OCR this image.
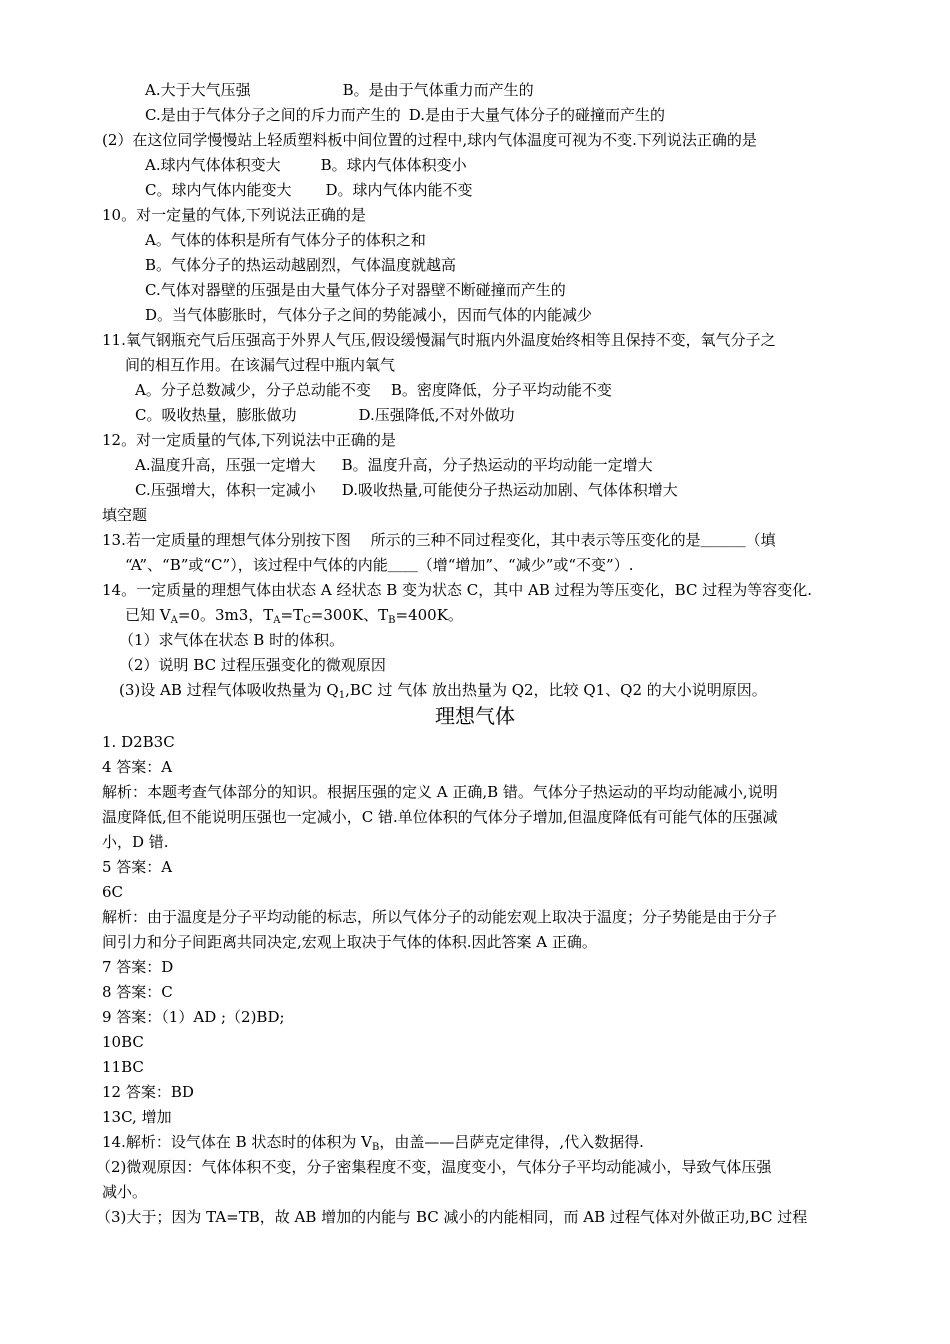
A.大于大气压强	B。是由于气体重力而产生的
C.是由于气体分子之间的斥力而产生的 D.是由于大量气体分子的碰撞而产生的
(2）在这位同学慢慢站上轻质塑料板中间位置的过程中,球内气体温度可视为不变.下列说法正确的是
A.球内气体体积变大	B。球内气体体积变小
C。球内气体内能变大 D。球内气体内能不变
10。对一定量的气体,下列说法正确的是
A。气体的体积是所有气体分子的体积之和
B。气体分子的热运动越剧烈，气体温度就越高
C.气体对器壁的压强是由大量气体分子对器壁不断碰撞而产生的
D。当气体膨胀时，气体分子之间的势能减小，因而气体的内能减少
11.氧气钢瓶充气后压强高于外界人气压,假设缓慢漏气时瓶内外温度始终相等且保持不变，氧气分子之
间的相互作用。在该漏气过程中瓶内氧气
A。分子总数减少，分子总动能不变 B。密度降低，分子平均动能不变
C。吸收热量，膨胀做功	D.压强降低,不对外做功
12。对一定质量的气体,下列说法中正确的是
A.温度升高，压强一定增大 B。温度升高，分子热运动的平均动能一定增大
C.压强增大，体积一定减小 D.吸收热量,可能使分子热运动加剧、气体体积增大
填空题
13.若一定质量的理想气体分别按下图　 所示的三种不同过程变化，其中表示等压变化的是＿＿＿（填
“A”、“B”或“C”），该过程中气体的内能＿＿（增“增加”、“减少”或“不变”）.
14。一定质量的理想气体由状态 A 经状态 B 变为状态 C，其中 AB 过程为等压变化，BC 过程为等容变化.
已知 $V_A=0$。3m3，$T_A=T_C=300K$、$T_B=400K$。
（1）求气体在状态 B 时的体积。
（2）说明 BC 过程压强变化的微观原因
(3)设 AB 过程气体吸收热量为 $Q_1,BC$ 过 气体 放出热量为 Q2，比较 Q1、Q2 的大小说明原因。
理想气体
1. D2B3C
4 答案：A
解析：本题考查气体部分的知识。根据压强的定义 A 正确,B 错。气体分子热运动的平均动能减小,说明
温度降低,但不能说明压强也一定减小，C 错.单位体积的气体分子增加,但温度降低有可能气体的压强减
小，D 错.
5 答案：A
6C
解析：由于温度是分子平均动能的标志，所以气体分子的动能宏观上取决于温度；分子势能是由于分子
间引力和分子间距离共同决定,宏观上取决于气体的体积.因此答案 A 正确。
7 答案：D
8 答案：C
9 答案：（1）AD ;（2)BD;
10BC
11BC
12 答案：BD
13C, 增加
14.解析：设气体在 B 状态时的体积为 $V_B$，由盖——吕萨克定律得，,代入数据得.
（2)微观原因：气体体积不变，分子密集程度不变，温度变小，气体分子平均动能减小，导致气体压强
减小。
（3)大于；因为 TA=TB，故 AB 增加的内能与 BC 减小的内能相同，而 AB 过程气体对外做正功,BC 过程
